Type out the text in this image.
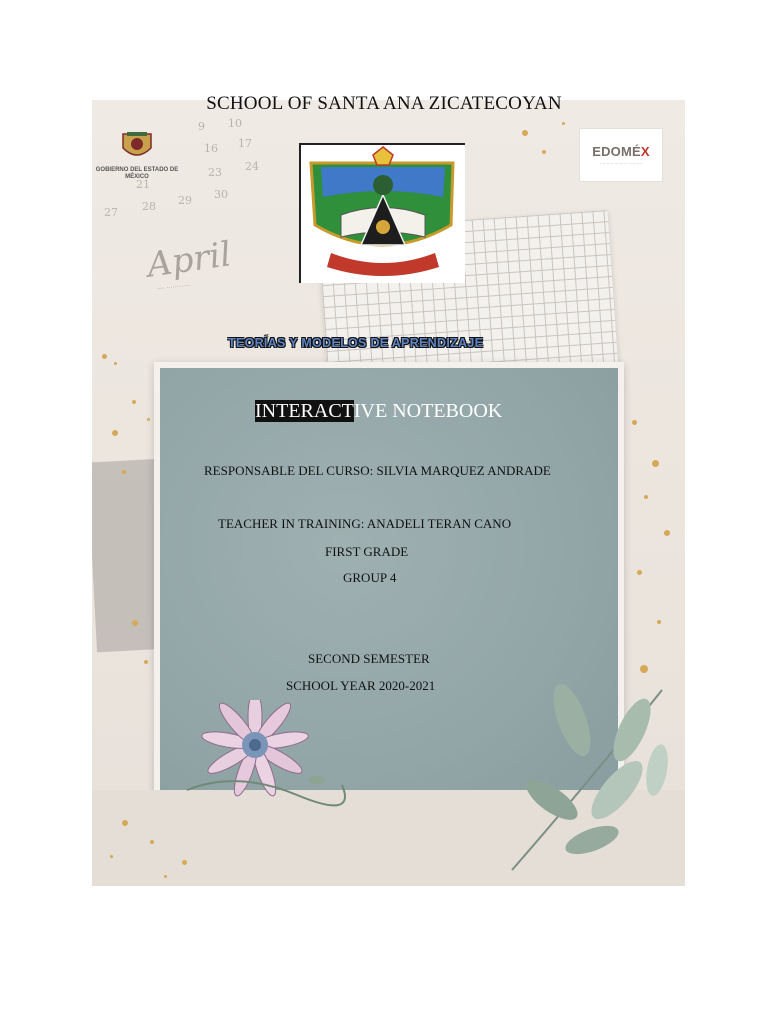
9 10
16 17
21
23 24
27 28 29 30
April
···· ······ ·····
GOBIERNO DEL ESTADO DE MÉXICO
EDOMÉX
·········· ·········· ··········
SCHOOL OF SANTA ANA ZICATECOYAN
TEORÍAS Y MODELOS DE APRENDIZAJE
INTERACTIVE NOTEBOOK
RESPONSABLE DEL CURSO: SILVIA MARQUEZ ANDRADE
TEACHER IN TRAINING: ANADELI TERAN CANO
FIRST GRADE
GROUP 4
SECOND SEMESTER
SCHOOL YEAR 2020-2021
